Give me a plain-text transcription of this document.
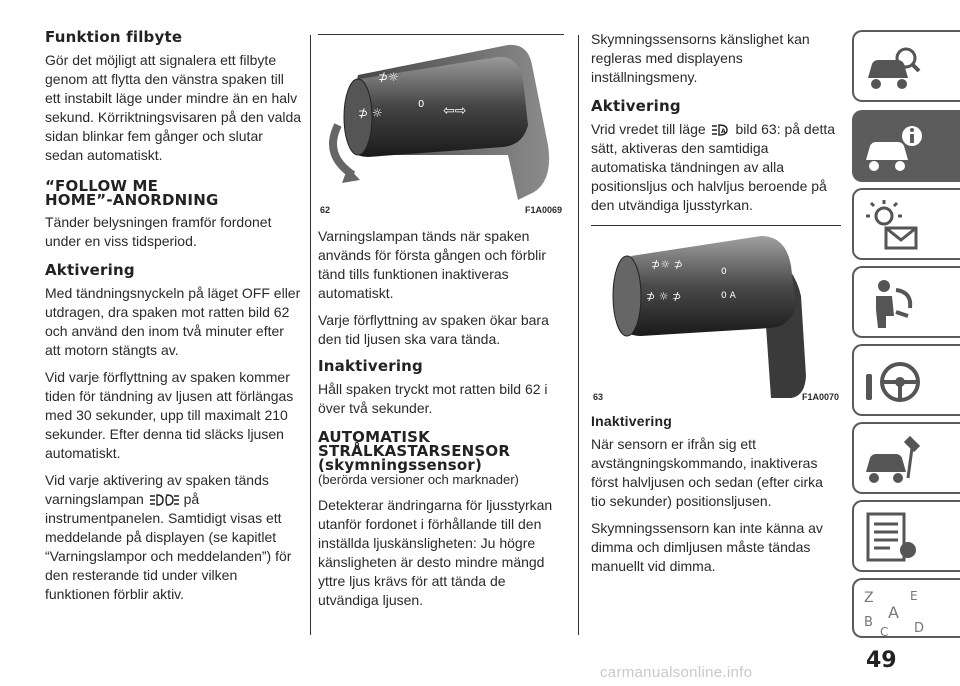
Funktion filbyte

Gör det möjligt att signalera ett filbyte genom att flytta den vänstra spaken till ett instabilt läge under mindre än en halv sekund. Körriktningsvisaren på den valda sidan blinkar fem gånger och slutar sedan automatiskt.

“FOLLOW ME
HOME”-ANORDNING

Tänder belysningen framför fordonet under en viss tidsperiod.

Aktivering

Med tändningsnyckeln på läget OFF eller utdragen, dra spaken mot ratten bild 62 och använd den inom två minuter efter att motorn stängts av.

Vid varje förflyttning av spaken kommer tiden för tändning av ljusen att förlängas med 30 sekunder, upp till maximalt 210 sekunder. Efter denna tid släcks ljusen automatiskt.

Vid varje aktivering av spaken tänds varningslampan	på instrumentpanelen. Samtidigt visas ett meddelande på displayen (se kapitlet “Varningslampor och meddelanden”) för den resterande tid under vilken funktionen förblir aktiv.

⊅☼
⊅ ☼
0 ⇦⇨
62	F1A0069

Varningslampan tänds när spaken används för första gången och förblir tänd tills funktionen inaktiveras automatiskt.

Varje förflyttning av spaken ökar bara den tid ljusen ska vara tända.

Inaktivering

Håll spaken tryckt mot ratten bild 62 i över två sekunder.

AUTOMATISK
STRÅLKASTARSENSOR
(skymningssensor)

(berörda versioner och marknader)

Detekterar ändringarna för ljusstyrkan utanför fordonet i förhållande till den inställda ljuskänsligheten: Ju högre känsligheten är desto mindre mängd yttre ljus krävs för att tända de utvändiga ljusen.

Skymningssensorns känslighet kan regleras med displayens inställningsmeny.

Aktivering

Vrid vredet till läge A bild 63: på detta sätt, aktiveras den samtidiga automatiska tändningen av alla positionsljus och halvljus beroende på den utvändiga ljusstyrkan.

⊅☼ ⊅
⊅ ☼ ⊅
0
0 A
63	F1A0070
Inaktivering

När sensorn er ifrån sig ett avstängningskommando, inaktiveras först halvljusen och sedan (efter cirka tio sekunder) positionsljusen.

Skymningssensorn kan inte känna av dimma och dimljusen måste tändas manuellt vid dimma.

Z	E
B
A
C D
49
carmanualsonline.info
